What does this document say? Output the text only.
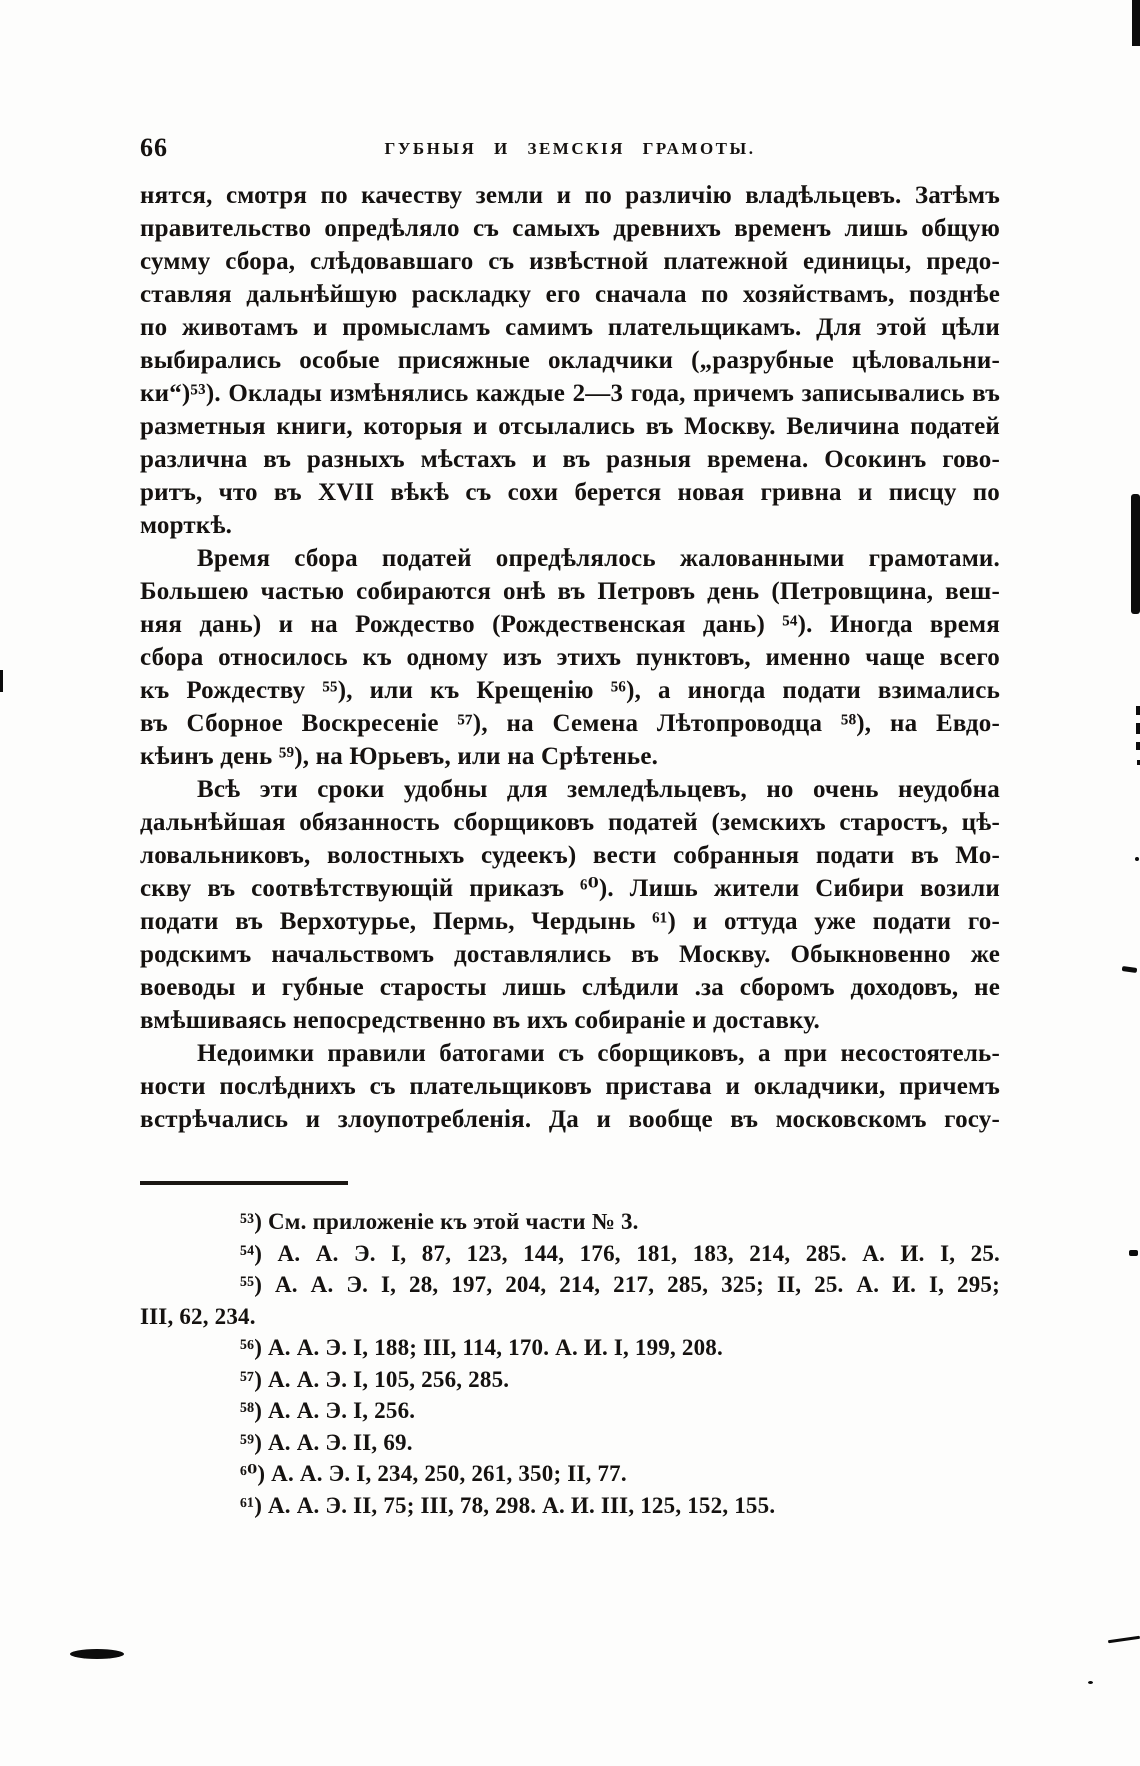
66	ГУБНЫЯ И ЗЕМСКІЯ ГРАМОТЫ.
нятся, смотря по качеству земли и по различію владѣльцевъ. Затѣмъ
правительство опредѣляло съ самыхъ древнихъ временъ лишь общую
сумму сбора, слѣдовавшаго съ извѣстной платежной единицы, предо-
ставляя дальнѣйшую раскладку его сначала по хозяйствамъ, позднѣе
по животамъ и промысламъ самимъ плательщикамъ. Для этой цѣли
выбирались особые присяжные окладчики („разрубные цѣловальни-
ки“)⁵³). Оклады измѣнялись каждые 2—3 года, причемъ записывались въ
разметныя книги, которыя и отсылались въ Москву. Величина податей
различна въ разныхъ мѣстахъ и въ разныя времена. Осокинъ гово-
ритъ, что въ XVII вѣкѣ съ сохи берется новая гривна и писцу по
морткѣ.
Время сбора податей опредѣлялось жалованными грамотами.
Большею частью собираются онѣ въ Петровъ день (Петровщина, веш-
няя дань) и на Рождество (Рождественская дань) ⁵⁴). Иногда время
сбора относилось къ одному изъ этихъ пунктовъ, именно чаще всего
къ Рождеству ⁵⁵), или къ Крещенію ⁵⁶), а иногда подати взимались
въ Сборное Воскресеніе ⁵⁷), на Семена Лѣтопроводца ⁵⁸), на Евдо-
кѣинъ день ⁵⁹), на Юрьевъ, или на Срѣтенье.
Всѣ эти сроки удобны для земледѣльцевъ, но очень неудобна
дальнѣйшая обязанность сборщиковъ податей (земскихъ старостъ, цѣ-
ловальниковъ, волостныхъ судеекъ) вести собранныя подати въ Мо-
скву въ соотвѣтствующій приказъ ⁶⁰). Лишь жители Сибири возили
подати въ Верхотурье, Пермь, Чердынь ⁶¹) и оттуда уже подати го-
родскимъ начальствомъ доставлялись въ Москву. Обыкновенно же
воеводы и губные старосты лишь слѣдили .за сборомъ доходовъ, не
вмѣшиваясь непосредственно въ ихъ собираніе и доставку.
Недоимки правили батогами съ сборщиковъ, а при несостоятель-
ности послѣднихъ съ плательщиковъ пристава и окладчики, причемъ
встрѣчались и злоупотребленія. Да и вообще въ московскомъ госу-
⁵³) См. приложеніе къ этой части № 3.
⁵⁴) А. А. Э. I, 87, 123, 144, 176, 181, 183, 214, 285. А. И. I, 25.
⁵⁵) А. А. Э. I, 28, 197, 204, 214, 217, 285, 325; II, 25. А. И. I, 295;
III, 62, 234.
⁵⁶) А. А. Э. I, 188; III, 114, 170. А. И. I, 199, 208.
⁵⁷) А. А. Э. I, 105, 256, 285.
⁵⁸) А. А. Э. I, 256.
⁵⁹) А. А. Э. II, 69.
⁶⁰) А. А. Э. I, 234, 250, 261, 350; II, 77.
⁶¹) А. А. Э. II, 75; III, 78, 298. А. И. III, 125, 152, 155.
